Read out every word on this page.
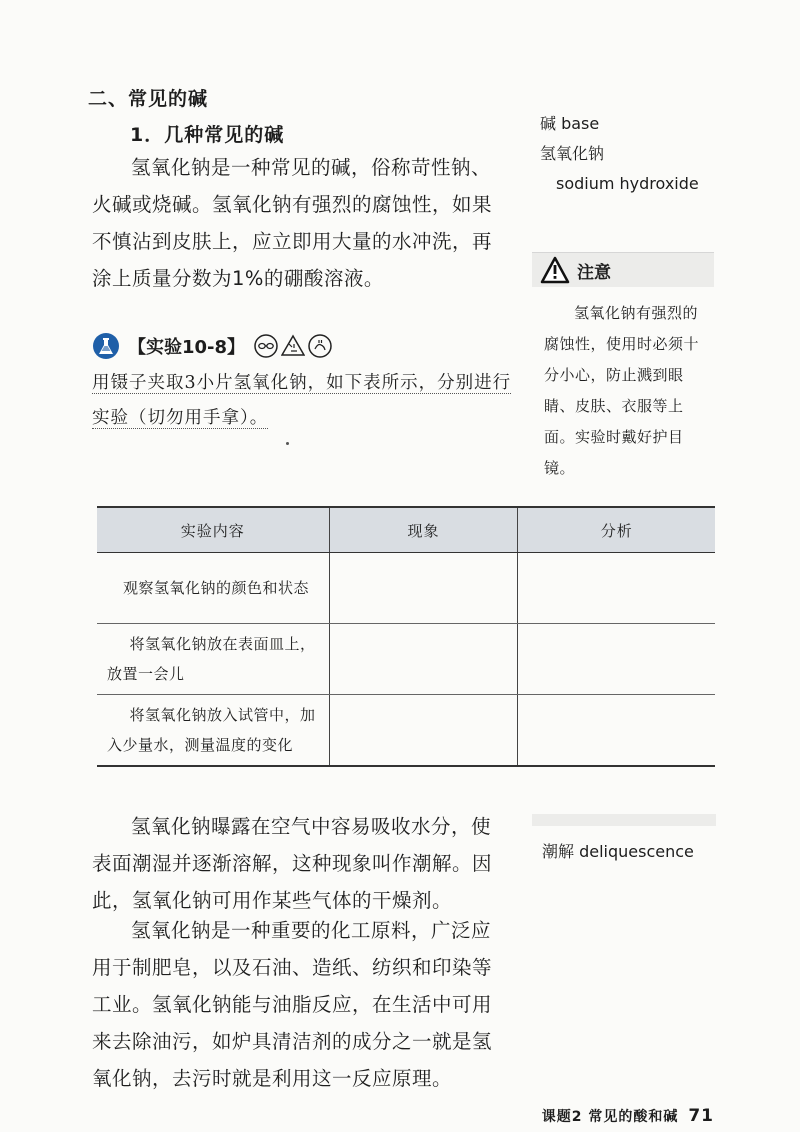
二、常见的碱
1．几种常见的碱

氢氧化钠是一种常见的碱，俗称苛性钠、火碱或烧碱。氢氧化钠有强烈的腐蚀性，如果不慎沾到皮肤上，应立即用大量的水冲洗，再涂上质量分数为1%的硼酸溶液。

【实验10-8】
用镊子夹取3小片氢氧化钠，如下表所示，分别进行实验（切勿用手拿）。
碱 base
氢氧化钠
sodium hydroxide
注意

氢氧化钠有强烈的腐蚀性，使用时必须十分小心，防止溅到眼睛、皮肤、衣服等上面。实验时戴好护目镜。

实验内容	现象	分析
观察氢氧化钠的颜色和状态		
将氢氧化钠放在表面皿上，放置一会儿		
将氢氧化钠放入试管中，加入少量水，测量温度的变化		

氢氧化钠曝露在空气中容易吸收水分，使表面潮湿并逐渐溶解，这种现象叫作潮解。因此，氢氧化钠可用作某些气体的干燥剂。

氢氧化钠是一种重要的化工原料，广泛应用于制肥皂，以及石油、造纸、纺织和印染等工业。氢氧化钠能与油脂反应，在生活中可用来去除油污，如炉具清洁剂的成分之一就是氢氧化钠，去污时就是利用这一反应原理。

潮解 deliquescence
课题2 常见的酸和碱 71
